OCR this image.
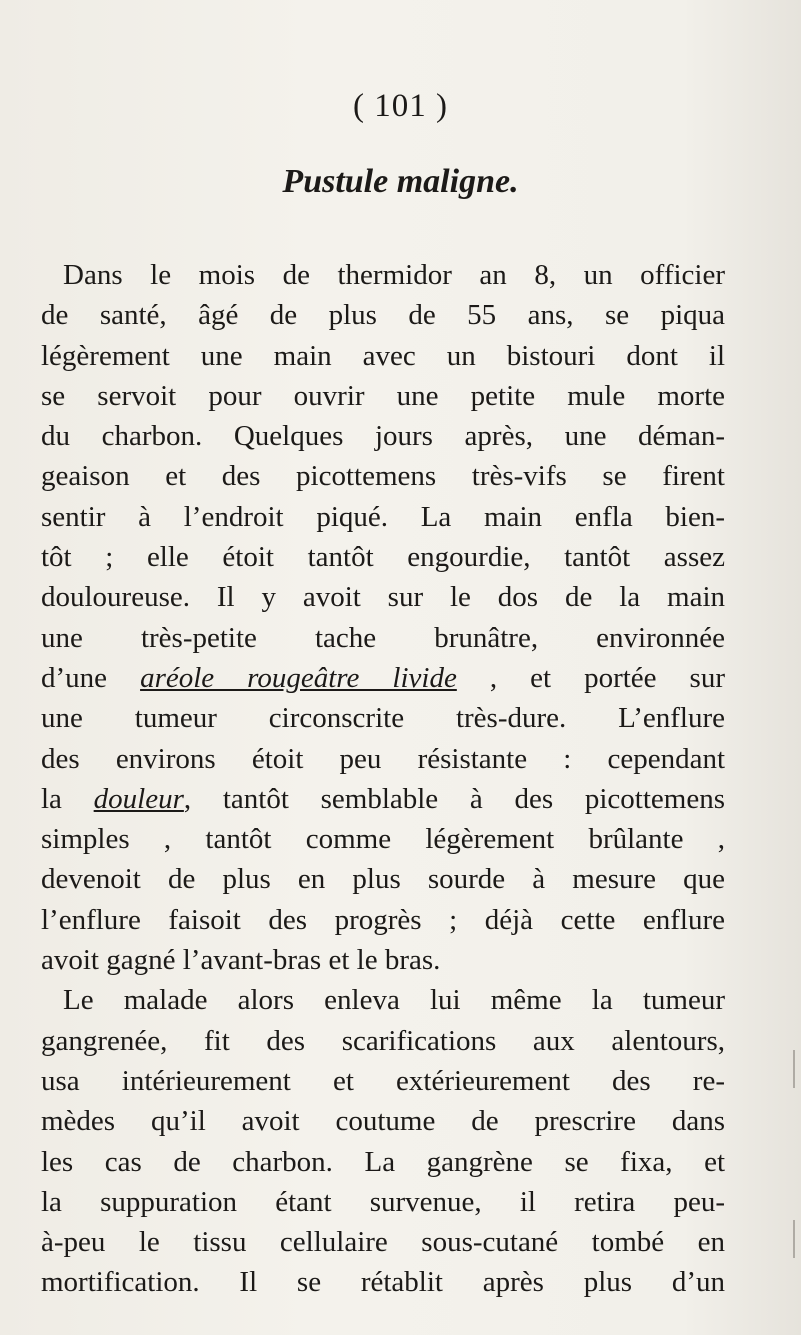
( 101 )
Pustule maligne.
Dans le mois de thermidor an 8, un officier
de santé, âgé de plus de 55 ans, se piqua
légèrement une main avec un bistouri dont il
se servoit pour ouvrir une petite mule morte
du charbon. Quelques jours après, une déman-
geaison et des picottemens très-vifs se firent
sentir à l’endroit piqué. La main enfla bien-
tôt ; elle étoit tantôt engourdie, tantôt assez
douloureuse. Il y avoit sur le dos de la main
une très-petite tache brunâtre, environnée
d’une aréole rougeâtre livide , et portée sur
une tumeur circonscrite très-dure. L’enflure
des environs étoit peu résistante : cependant
la douleur, tantôt semblable à des picottemens
simples , tantôt comme légèrement brûlante ,
devenoit de plus en plus sourde à mesure que
l’enflure faisoit des progrès ; déjà cette enflure
avoit gagné l’avant-bras et le bras.
Le malade alors enleva lui même la tumeur
gangrenée, fit des scarifications aux alentours,
usa intérieurement et extérieurement des re-
mèdes qu’il avoit coutume de prescrire dans
les cas de charbon. La gangrène se fixa, et
la suppuration étant survenue, il retira peu-
à-peu le tissu cellulaire sous-cutané tombé en
mortification. Il se rétablit après plus d’un
